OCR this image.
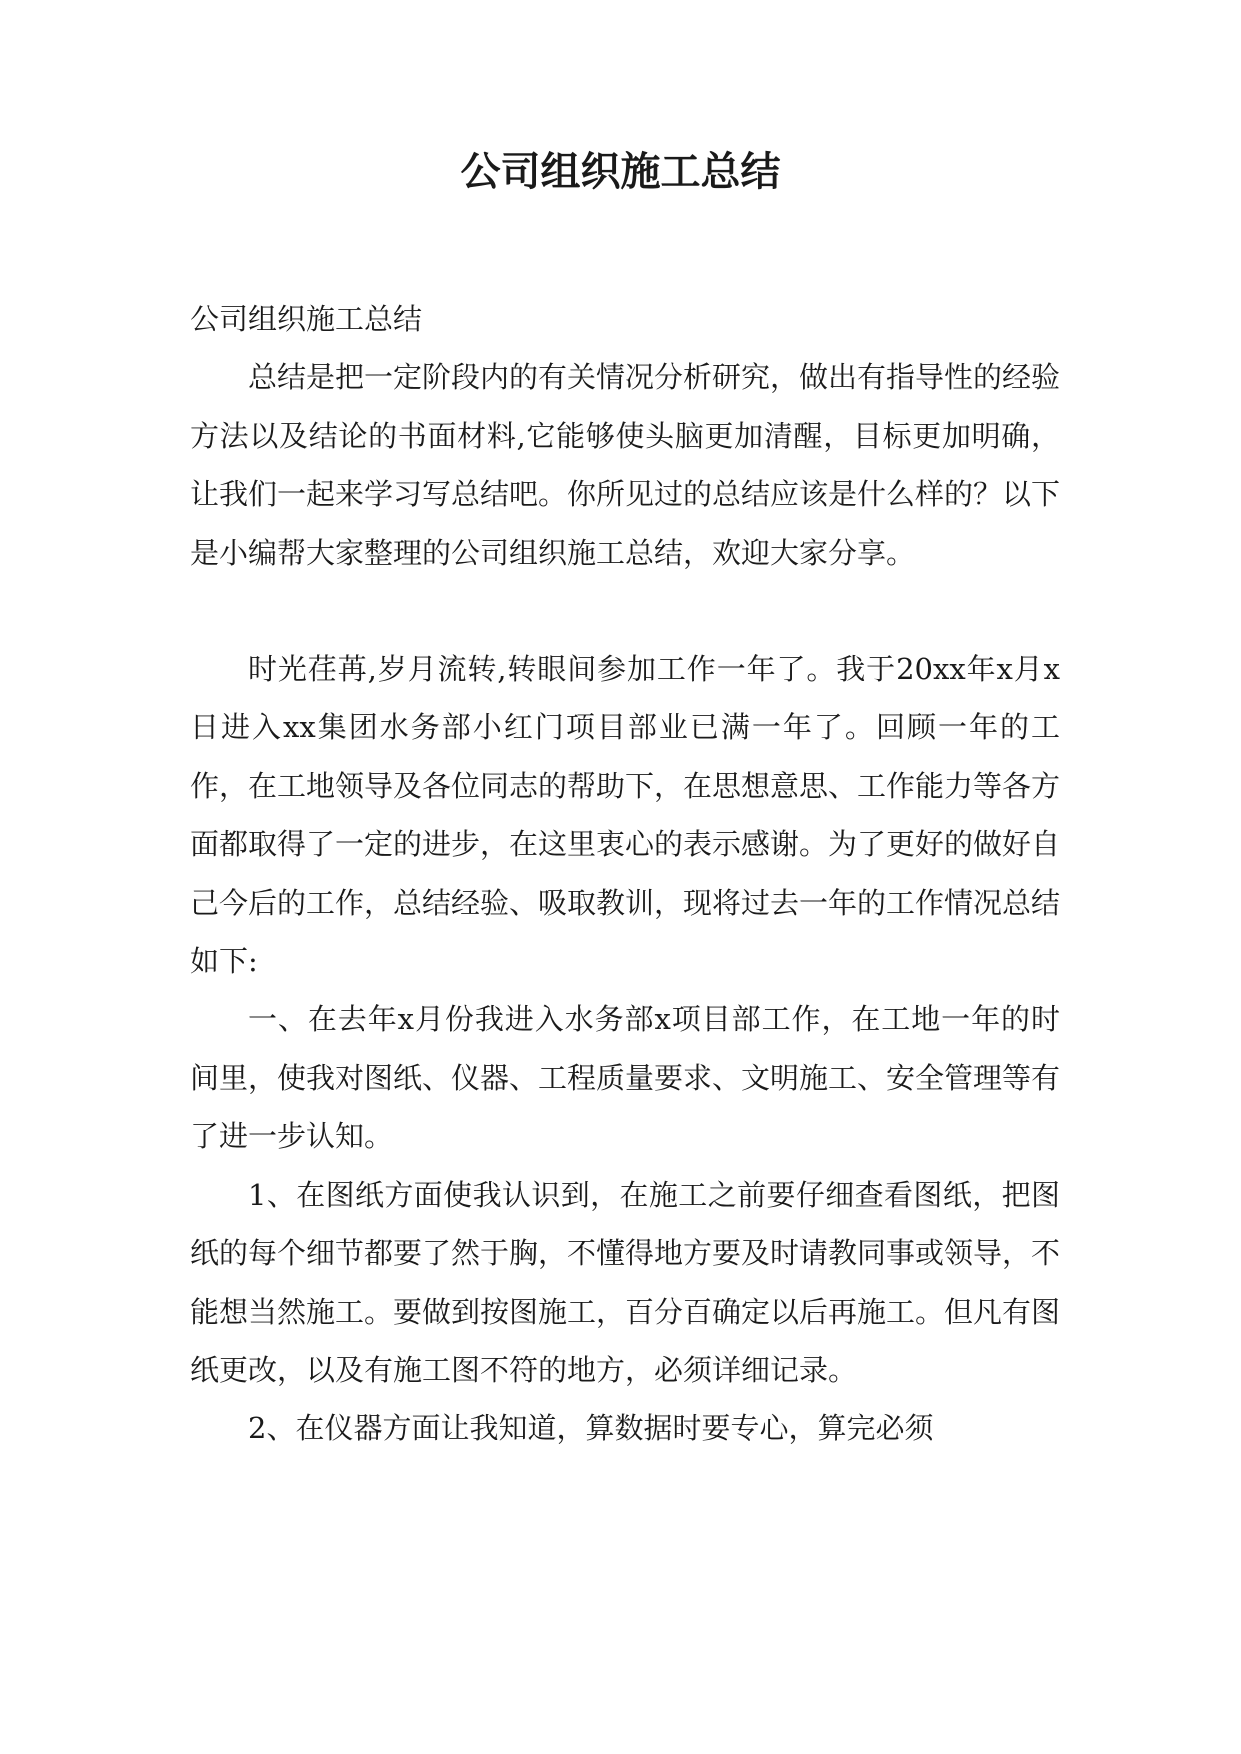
公司组织施工总结

公司组织施工总结

总结是把一定阶段内的有关情况分析研究，做出有指导性的经验方法以及结论的书面材料,它能够使头脑更加清醒，目标更加明确，让我们一起来学习写总结吧。你所见过的总结应该是什么样的？以下是小编帮大家整理的公司组织施工总结，欢迎大家分享。

时光荏苒,岁月流转,转眼间参加工作一年了。我于20xx年x月x日进入xx集团水务部小红门项目部业已满一年了。回顾一年的工作，在工地领导及各位同志的帮助下，在思想意思、工作能力等各方面都取得了一定的进步，在这里衷心的表示感谢。为了更好的做好自己今后的工作，总结经验、吸取教训，现将过去一年的工作情况总结如下:

一、在去年x月份我进入水务部x项目部工作，在工地一年的时间里，使我对图纸、仪器、工程质量要求、文明施工、安全管理等有了进一步认知。

1、在图纸方面使我认识到，在施工之前要仔细查看图纸，把图纸的每个细节都要了然于胸，不懂得地方要及时请教同事或领导，不能想当然施工。要做到按图施工，百分百确定以后再施工。但凡有图纸更改，以及有施工图不符的地方，必须详细记录。

2、在仪器方面让我知道，算数据时要专心，算完必须
